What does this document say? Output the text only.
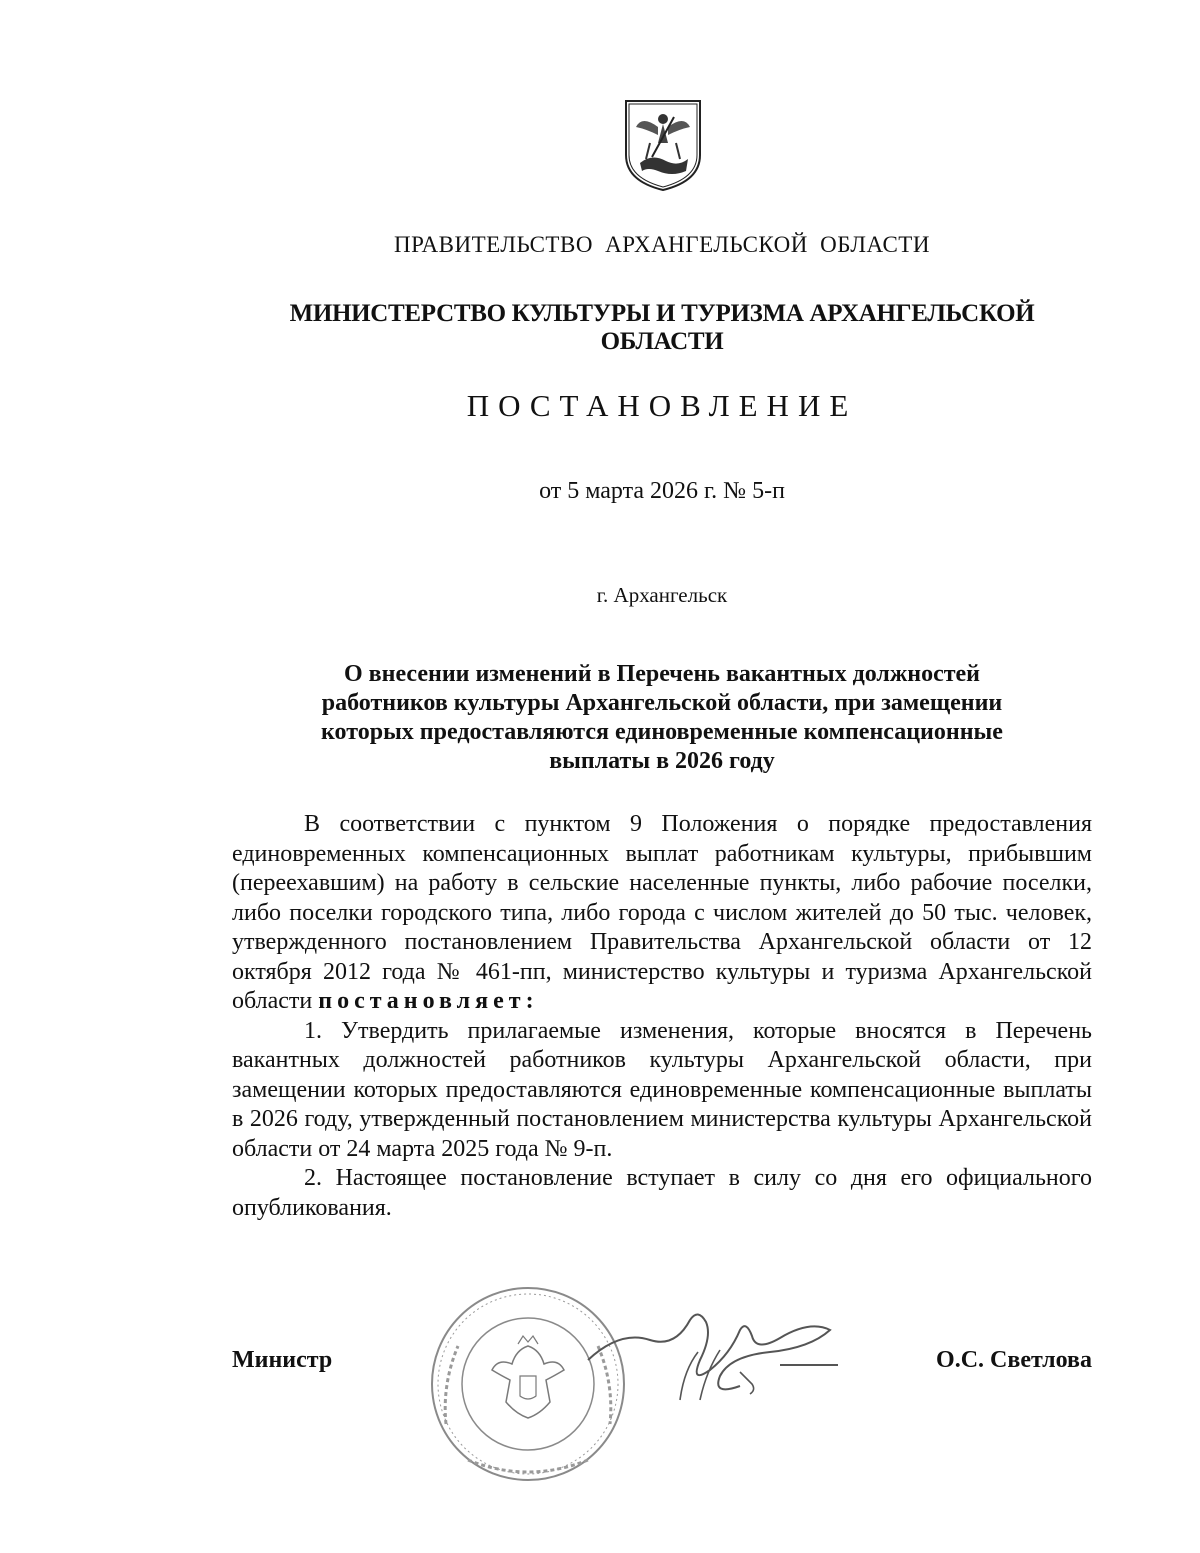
ПРАВИТЕЛЬСТВО АРХАНГЕЛЬСКОЙ ОБЛАСТИ
МИНИСТЕРСТВО КУЛЬТУРЫ И ТУРИЗМА АРХАНГЕЛЬСКОЙ ОБЛАСТИ
ПОСТАНОВЛЕНИЕ
от 5 марта 2026 г. № 5-п
г. Архангельск
О внесении изменений в Перечень вакантных должностей
работников культуры Архангельской области, при замещении
которых предоставляются единовременные компенсационные
выплаты в 2026 году

В соответствии с пунктом 9 Положения о порядке предоставления единовременных компенсационных выплат работникам культуры, прибывшим (переехавшим) на работу в сельские населенные пункты, либо рабочие поселки, либо поселки городского типа, либо города с числом жителей до 50 тыс. человек, утвержденного постановлением Правительства Архангельской области от 12 октября 2012 года № 461-пп, министерство культуры и туризма Архангельской области постановляет:

1. Утвердить прилагаемые изменения, которые вносятся в Перечень вакантных должностей работников культуры Архангельской области, при замещении которых предоставляются единовременные компенсационные выплаты в 2026 году, утвержденный постановлением министерства культуры Архангельской области от 24 марта 2025 года № 9-п.

2. Настоящее постановление вступает в силу со дня его официального опубликования.

Министр	О.С. Светлова
